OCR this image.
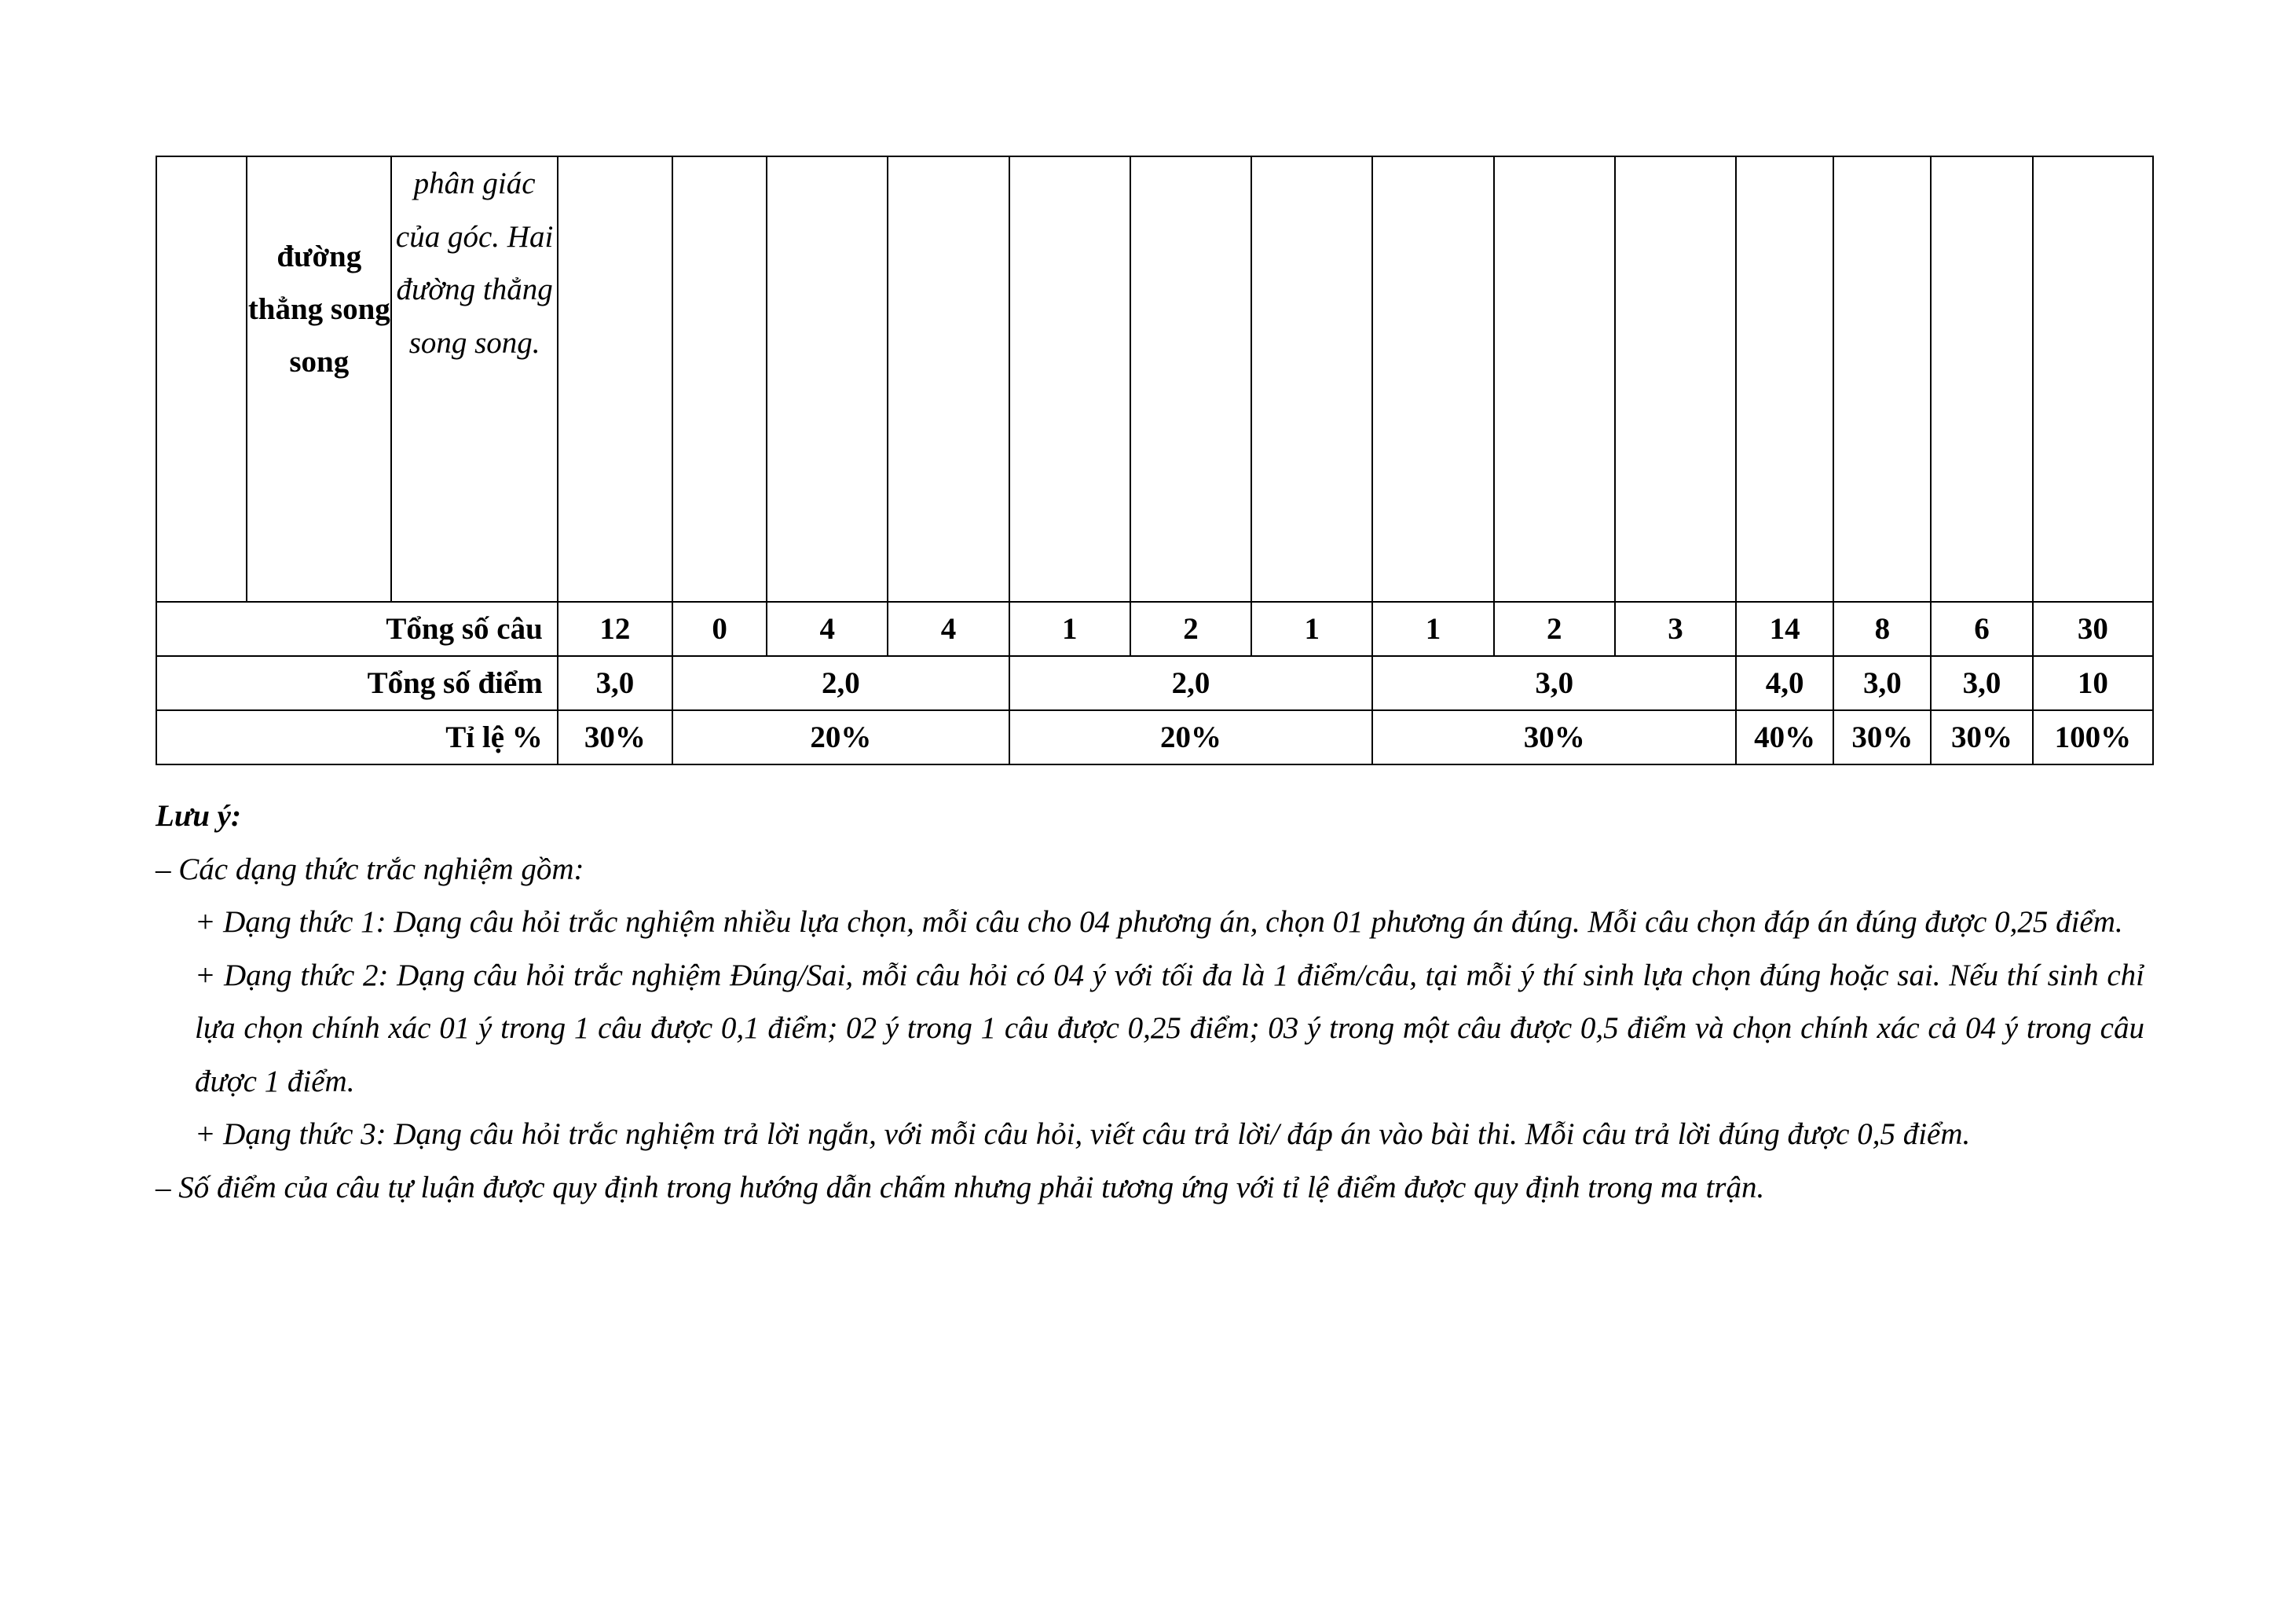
	đường thẳng song song	phân giác của góc. Hai đường thẳng song song.														

Tổng số câu			12	0	4	4	1	2	1	1	2	3	14	8	6	30
Tổng số điểm			3,0	2,0			2,0			3,0			4,0	3,0	3,0	10
Tỉ lệ %			30%	20%			20%			30%			40%	30%	30%	100%

Lưu ý:

– Các dạng thức trắc nghiệm gồm:

+ Dạng thức 1: Dạng câu hỏi trắc nghiệm nhiều lựa chọn, mỗi câu cho 04 phương án, chọn 01 phương án đúng. Mỗi câu chọn đáp án đúng được 0,25 điểm.

+ Dạng thức 2: Dạng câu hỏi trắc nghiệm Đúng/Sai, mỗi câu hỏi có 04 ý với tối đa là 1 điểm/câu, tại mỗi ý thí sinh lựa chọn đúng hoặc sai. Nếu thí sinh chỉ lựa chọn chính xác 01 ý trong 1 câu được 0,1 điểm; 02 ý trong 1 câu được 0,25 điểm; 03 ý trong một câu được 0,5 điểm và chọn chính xác cả 04 ý trong câu được 1 điểm.

+ Dạng thức 3: Dạng câu hỏi trắc nghiệm trả lời ngắn, với mỗi câu hỏi, viết câu trả lời/ đáp án vào bài thi. Mỗi câu trả lời đúng được 0,5 điểm.

– Số điểm của câu tự luận được quy định trong hướng dẫn chấm nhưng phải tương ứng với tỉ lệ điểm được quy định trong ma trận.
